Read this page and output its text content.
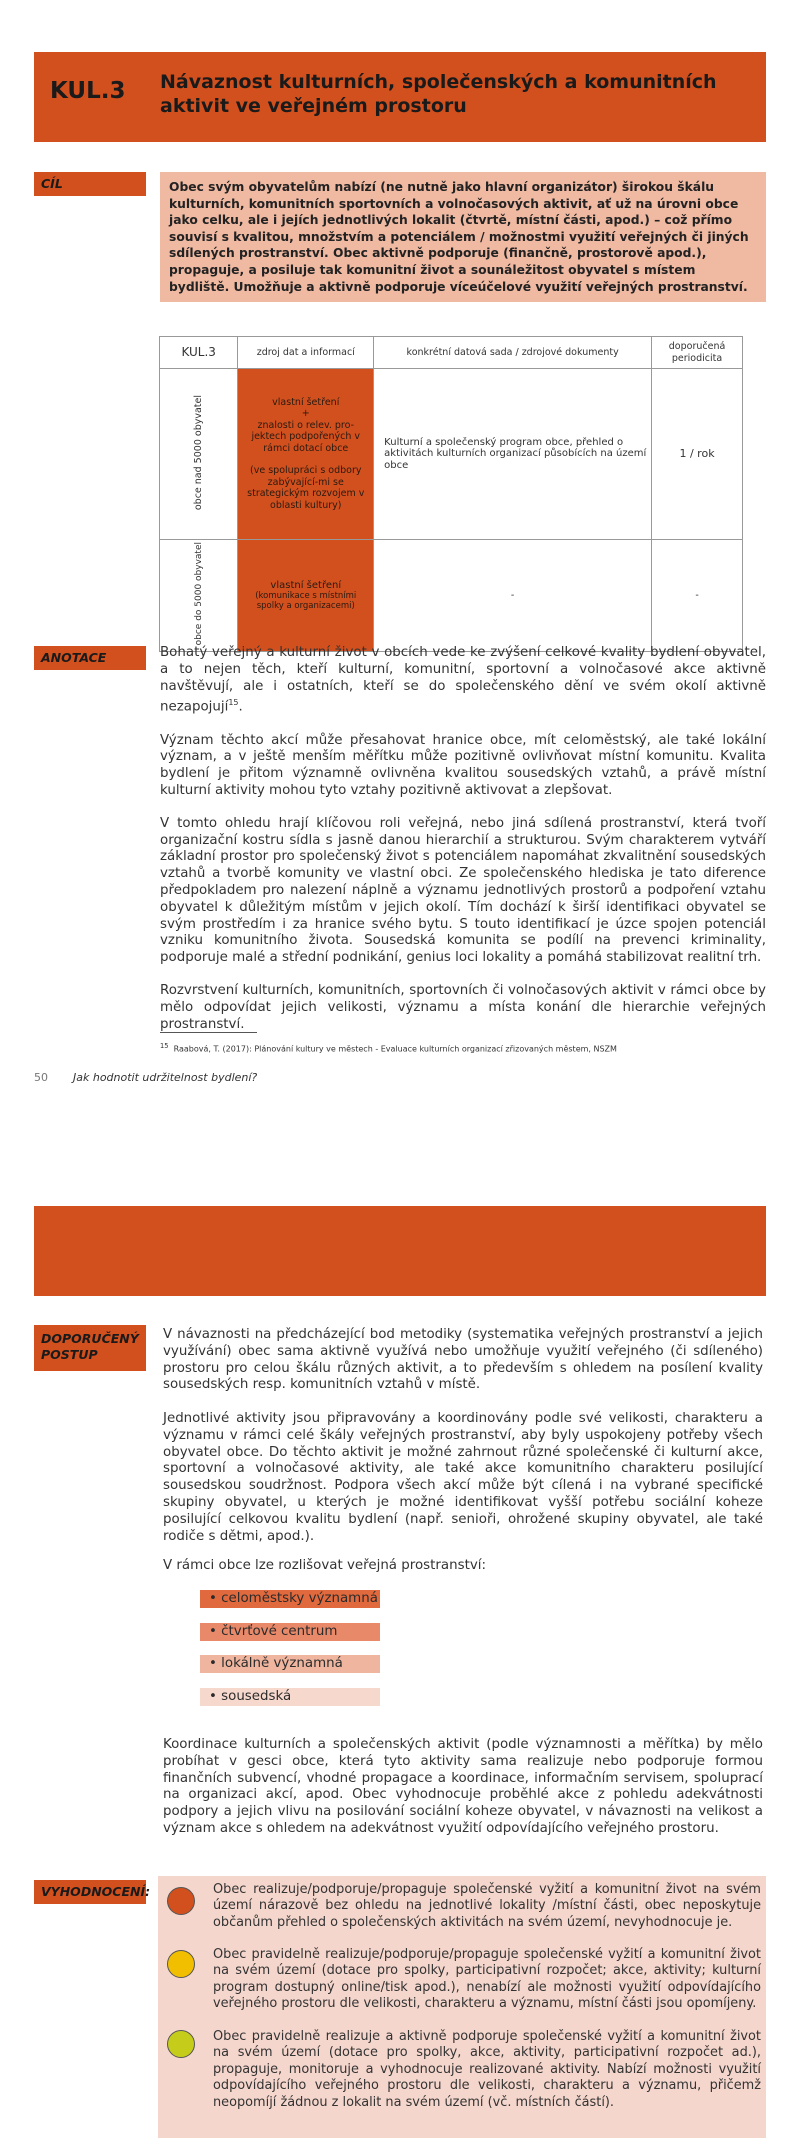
KUL.3 Návaznost kulturních, společenských a komunitních aktivit ve veřejném prostoru
CÍL	Obec svým obyvatelům nabízí (ne nutně jako hlavní organizátor) širokou škálu kulturních, komunitních sportovních a volnočasových aktivit, ať už na úrovni obce jako celku, ale i jejích jednotlivých lokalit (čtvrtě, místní části, apod.) – což přímo souvisí s kvalitou, množstvím a potenciálem / možnostmi využití veřejných či jiných sdílených prostranství. Obec aktivně podporuje (finančně, prostorově apod.), propaguje, a posiluje tak komunitní život a sounáležitost obyvatel s místem bydliště. Umožňuje a aktivně podporuje víceúčelové využití veřejných prostranství.
KUL.3	zdroj dat a informací	konkrétní datová sada / zdrojové dokumenty	doporučená periodicita
obce nad 5000 obyvatel	vlastní šetření
+
znalosti o relev. pro-jektech podpořených v rámci dotací obce
(ve spolupráci s odbory zabývající-mi se strategickým rozvojem v oblasti kultury)	Kulturní a společenský program obce, přehled o aktivitách kulturních organizací působících na území obce	1 / rok
obce do 5000 obyvatel	vlastní šetření
(komunikace s místními spolky a organizacemi)	-	-
ANOTACE	Bohatý veřejný a kulturní život v obcích vede ke zvýšení celkové kvality bydlení obyvatel, a to nejen těch, kteří kulturní, komunitní, sportovní a volnočasové akce aktivně navštěvují, ale i ostatních, kteří se do společenského dění ve svém okolí aktivně nezapojují$^{15}$.

Význam těchto akcí může přesahovat hranice obce, mít celoměstský, ale také lokální význam, a v ještě menším měřítku může pozitivně ovlivňovat místní komunitu. Kvalita bydlení je přitom významně ovlivněna kvalitou sousedských vztahů, a právě místní kulturní aktivity mohou tyto vztahy pozitivně aktivovat a zlepšovat.

V tomto ohledu hrají klíčovou roli veřejná, nebo jiná sdílená prostranství, která tvoří organizační kostru sídla s jasně danou hierarchií a strukturou. Svým charakterem vytváří základní prostor pro společenský život s potenciálem napomáhat zkvalitnění sousedských vztahů a tvorbě komunity ve vlastní obci. Ze společenského hlediska je tato diference předpokladem pro nalezení náplně a významu jednotlivých prostorů a podpoření vztahu obyvatel k důležitým místům v jejich okolí. Tím dochází k širší identifikaci obyvatel se svým prostředím i za hranice svého bytu. S touto identifikací je úzce spojen potenciál vzniku komunitního života. Sousedská komunita se podílí na prevenci kriminality, podporuje malé a střední podnikání, genius loci lokality a pomáhá stabilizovat realitní trh.

Rozvrstvení kulturních, komunitních, sportovních či volnočasových aktivit v rámci obce by mělo odpovídat jejich velikosti, významu a místa konání dle hierarchie veřejných prostranství.

$^{15}$ Raabová, T. (2017): Plánování kultury ve městech - Evaluace kulturních organizací zřizovaných městem, NSZM
50 Jak hodnotit udržitelnost bydlení?
DOPORUČENÝ POSTUP
V návaznosti na předcházející bod metodiky (systematika veřejných prostranství a jejich využívání) obec sama aktivně využívá nebo umožňuje využití veřejného (či sdíleného) prostoru pro celou škálu různých aktivit, a to především s ohledem na posílení kvality sousedských resp. komunitních vztahů v místě.
Jednotlivé aktivity jsou připravovány a koordinovány podle své velikosti, charakteru a významu v rámci celé škály veřejných prostranství, aby byly uspokojeny potřeby všech obyvatel obce. Do těchto aktivit je možné zahrnout různé společenské či kulturní akce, sportovní a volnočasové aktivity, ale také akce komunitního charakteru posilující sousedskou soudržnost. Podpora všech akcí může být cílená i na vybrané specifické skupiny obyvatel, u kterých je možné identifikovat vyšší potřebu sociální koheze posilující celkovou kvalitu bydlení (např. senioři, ohrožené skupiny obyvatel, ale také rodiče s dětmi, apod.).
V rámci obce lze rozlišovat veřejná prostranství:
• celoměstsky významná
• čtvrťové centrum
• lokálně významná
• sousedská
Koordinace kulturních a společenských aktivit (podle významnosti a měřítka) by mělo probíhat v gesci obce, která tyto aktivity sama realizuje nebo podporuje formou finančních subvencí, vhodné propagace a koordinace, informačním servisem, spoluprací na organizaci akcí, apod. Obec vyhodnocuje proběhlé akce z pohledu adekvátnosti podpory a jejich vlivu na posilování sociální koheze obyvatel, v návaznosti na velikost a význam akce s ohledem na adekvátnost využití odpovídajícího veřejného prostoru.
VYHODNOCENÍ:	Obec realizuje/podporuje/propaguje společenské vyžití a komunitní život na svém území nárazově bez ohledu na jednotlivé lokality /místní části, obec neposkytuje občanům přehled o společenských aktivitách na svém území, nevyhodnocuje je.
Obec pravidelně realizuje/podporuje/propaguje společenské vyžití a komunitní život na svém území (dotace pro spolky, participativní rozpočet; akce, aktivity; kulturní program dostupný online/tisk apod.), nenabízí ale možnosti využití odpovídajícího veřejného prostoru dle velikosti, charakteru a významu, místní části jsou opomíjeny.
Obec pravidelně realizuje a aktivně podporuje společenské vyžití a komunitní život na svém území (dotace pro spolky, akce, aktivity, participativní rozpočet ad.), propaguje, monitoruje a vyhodnocuje realizované aktivity. Nabízí možnosti využití odpovídajícího veřejného prostoru dle velikosti, charakteru a významu, přičemž neopomíjí žádnou z lokalit na svém území (vč. místních částí).
